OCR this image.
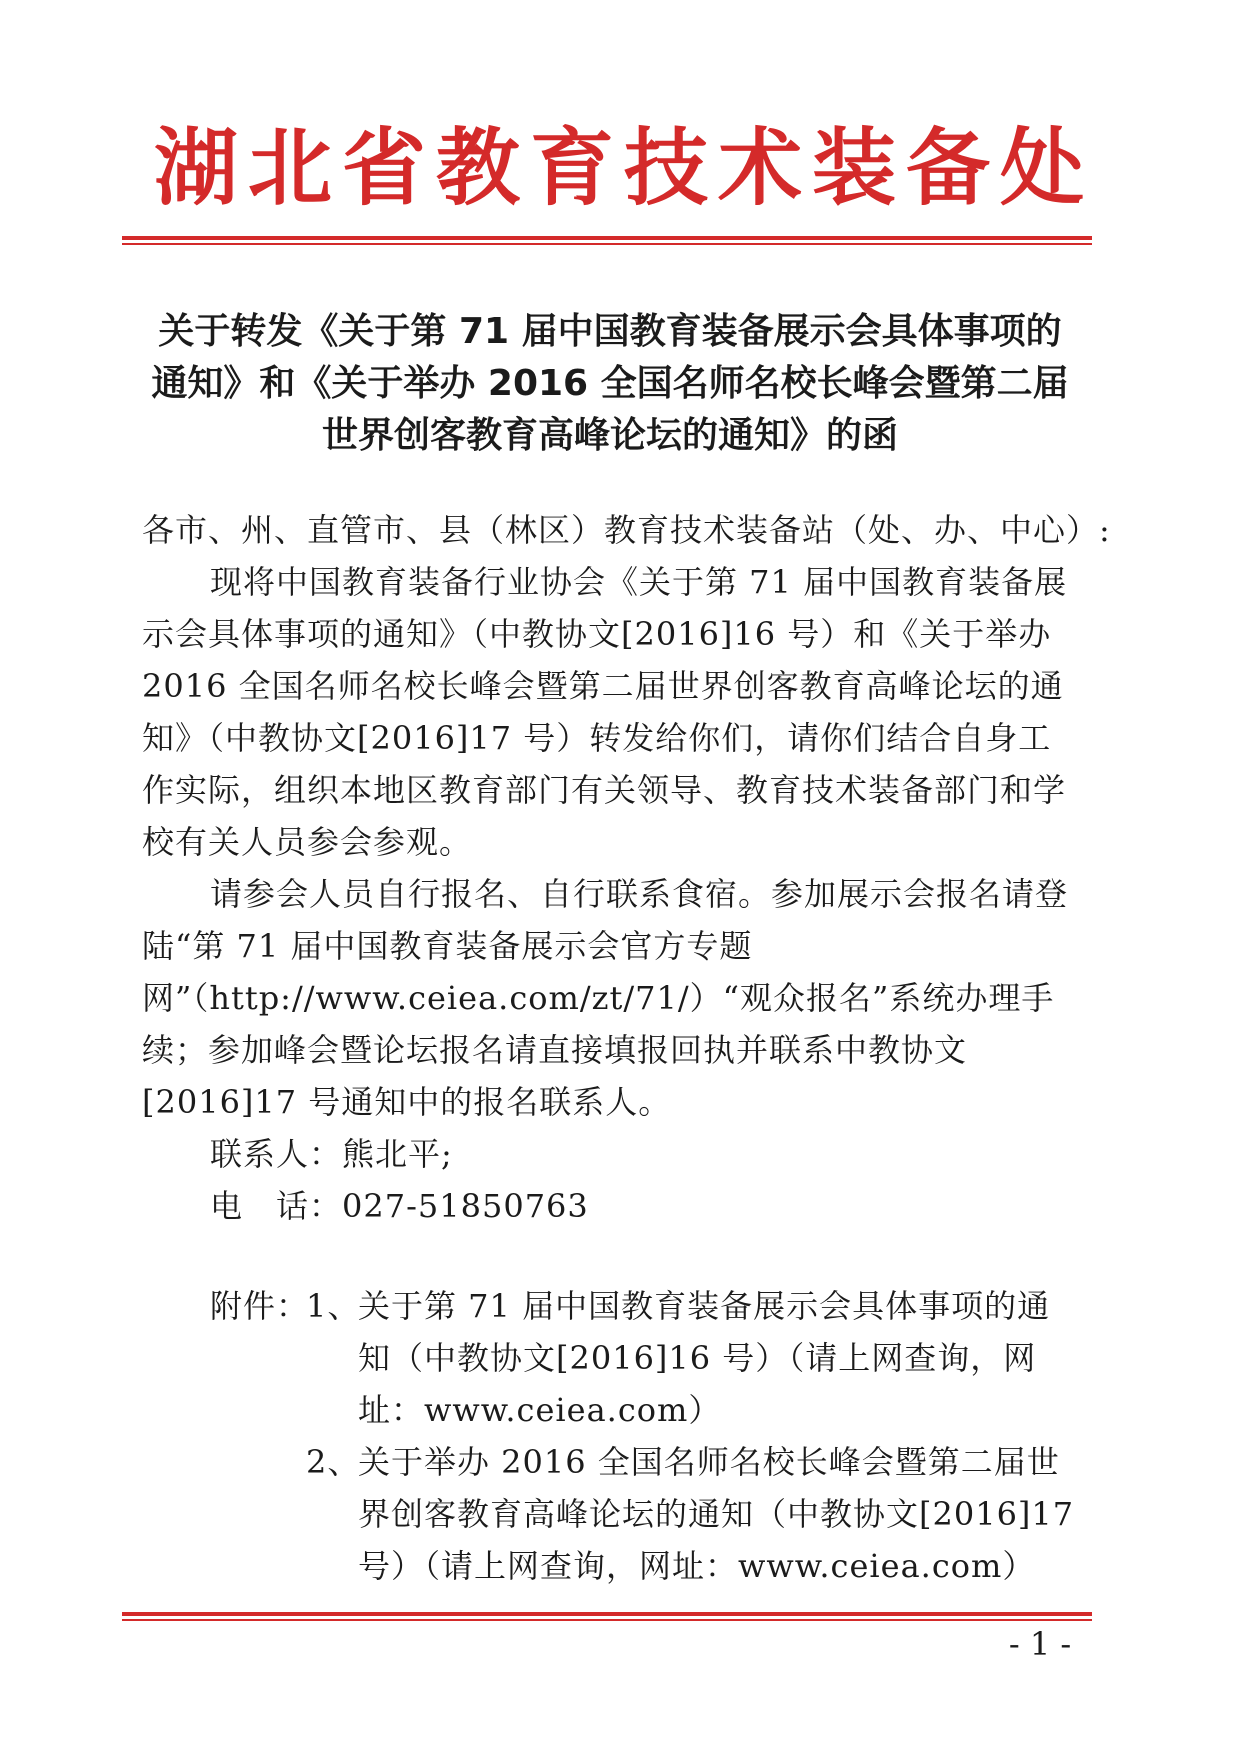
湖北省教育技术装备处
关于转发《关于第 71 届中国教育装备展示会具体事项的
通知》和《关于举办 2016 全国名师名校长峰会暨第二届
世界创客教育高峰论坛的通知》的函
各市、州、直管市、县（林区）教育技术装备站（处、办、中心）:

现将中国教育装备行业协会《关于第 71 届中国教育装备展示会具体事项的通知》（中教协文[2016]16 号）和《关于举办 2016 全国名师名校长峰会暨第二届世界创客教育高峰论坛的通知》（中教协文[2016]17 号）转发给你们，请你们结合自身工作实际，组织本地区教育部门有关领导、教育技术装备部门和学校有关人员参会参观。

请参会人员自行报名、自行联系食宿。参加展示会报名请登陆“第 71 届中国教育装备展示会官方专题网”（http://www.ceiea.com/zt/71/）“观众报名”系统办理手续；参加峰会暨论坛报名请直接填报回执并联系中教协文[2016]17 号通知中的报名联系人。

联系人：熊北平;
电　话：027-51850763
附件：
1、
关于第 71 届中国教育装备展示会具体事项的通知（中教协文[2016]16 号）（请上网查询，网址：www.ceiea.com）
2、
关于举办 2016 全国名师名校长峰会暨第二届世界创客教育高峰论坛的通知（中教协文[2016]17 号）（请上网查询，网址：www.ceiea.com）
- 1 -
